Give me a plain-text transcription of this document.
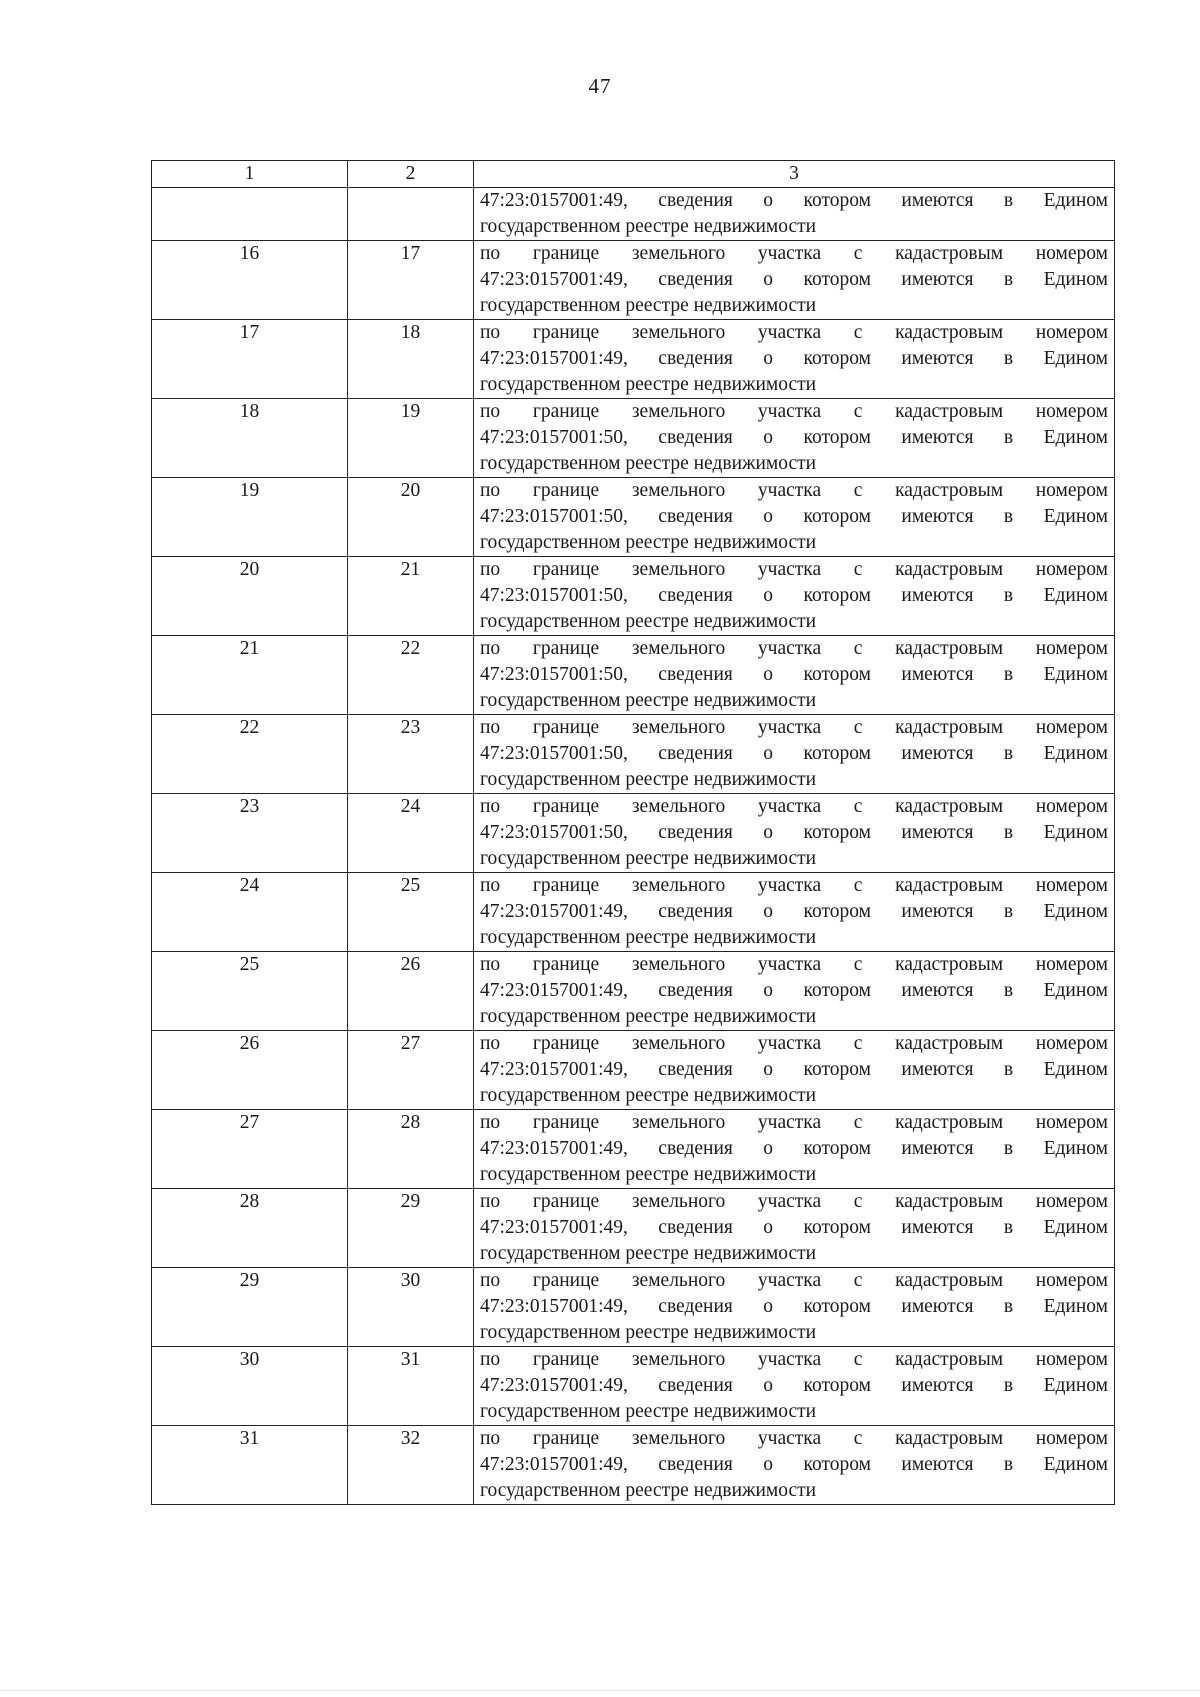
47
1	2	3

		47:23:0157001:49, сведения о котором имеются в Едином
государственном реестре недвижимости

16	17	по границе земельного участка с кадастровым номером
47:23:0157001:49, сведения о котором имеются в Едином
государственном реестре недвижимости

17	18	по границе земельного участка с кадастровым номером
47:23:0157001:49, сведения о котором имеются в Едином
государственном реестре недвижимости

18	19	по границе земельного участка с кадастровым номером
47:23:0157001:50, сведения о котором имеются в Едином
государственном реестре недвижимости

19	20	по границе земельного участка с кадастровым номером
47:23:0157001:50, сведения о котором имеются в Едином
государственном реестре недвижимости

20	21	по границе земельного участка с кадастровым номером
47:23:0157001:50, сведения о котором имеются в Едином
государственном реестре недвижимости

21	22	по границе земельного участка с кадастровым номером
47:23:0157001:50, сведения о котором имеются в Едином
государственном реестре недвижимости

22	23	по границе земельного участка с кадастровым номером
47:23:0157001:50, сведения о котором имеются в Едином
государственном реестре недвижимости

23	24	по границе земельного участка с кадастровым номером
47:23:0157001:50, сведения о котором имеются в Едином
государственном реестре недвижимости

24	25	по границе земельного участка с кадастровым номером
47:23:0157001:49, сведения о котором имеются в Едином
государственном реестре недвижимости

25	26	по границе земельного участка с кадастровым номером
47:23:0157001:49, сведения о котором имеются в Едином
государственном реестре недвижимости

26	27	по границе земельного участка с кадастровым номером
47:23:0157001:49, сведения о котором имеются в Едином
государственном реестре недвижимости

27	28	по границе земельного участка с кадастровым номером
47:23:0157001:49, сведения о котором имеются в Едином
государственном реестре недвижимости

28	29	по границе земельного участка с кадастровым номером
47:23:0157001:49, сведения о котором имеются в Едином
государственном реестре недвижимости

29	30	по границе земельного участка с кадастровым номером
47:23:0157001:49, сведения о котором имеются в Едином
государственном реестре недвижимости

30	31	по границе земельного участка с кадастровым номером
47:23:0157001:49, сведения о котором имеются в Едином
государственном реестре недвижимости

31	32	по границе земельного участка с кадастровым номером
47:23:0157001:49, сведения о котором имеются в Едином
государственном реестре недвижимости
